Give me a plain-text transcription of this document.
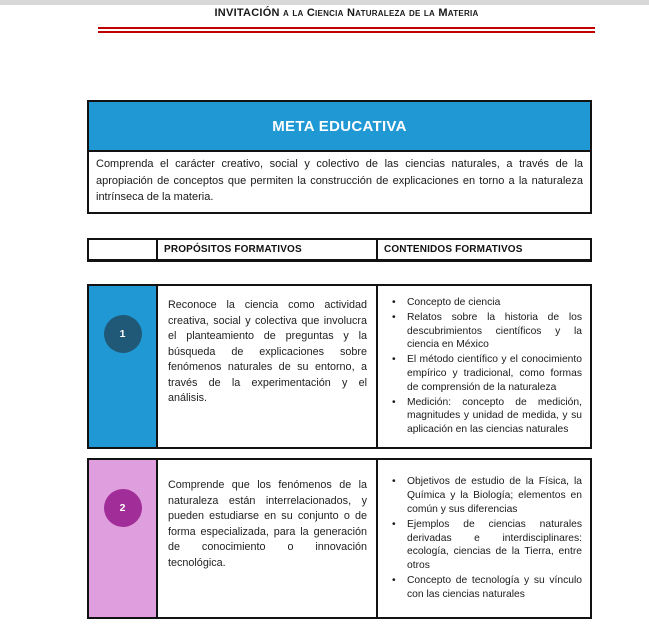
INVITACIÓN a la Ciencia Naturaleza de la Materia
META EDUCATIVA
Comprenda el carácter creativo, social y colectivo de las ciencias naturales, a través de la apropiación de conceptos que permiten la construcción de explicaciones en torno a la naturaleza intrínseca de la materia.
PROPÓSITOS FORMATIVOS	CONTENIDOS FORMATIVOS
1

Reconoce la ciencia como actividad creativa, social y colectiva que involucra el planteamiento de preguntas y la búsqueda de explicaciones sobre fenómenos naturales de su entorno, a través de la experimentación y el análisis.

• Concepto de ciencia
• Relatos sobre la historia de los descubrimientos científicos y la ciencia en México
• El método científico y el conocimiento empírico y tradicional, como formas de comprensión de la naturaleza
• Medición: concepto de medición, magnitudes y unidad de medida, y su aplicación en las ciencias naturales
2

Comprende que los fenómenos de la naturaleza están interrelacionados, y pueden estudiarse en su conjunto o de forma especializada, para la generación de conocimiento o innovación tecnológica.

• Objetivos de estudio de la Física, la Química y la Biología; elementos en común y sus diferencias
• Ejemplos de ciencias naturales derivadas e interdisciplinares: ecología, ciencias de la Tierra, entre otros
• Concepto de tecnología y su vínculo con las ciencias naturales
